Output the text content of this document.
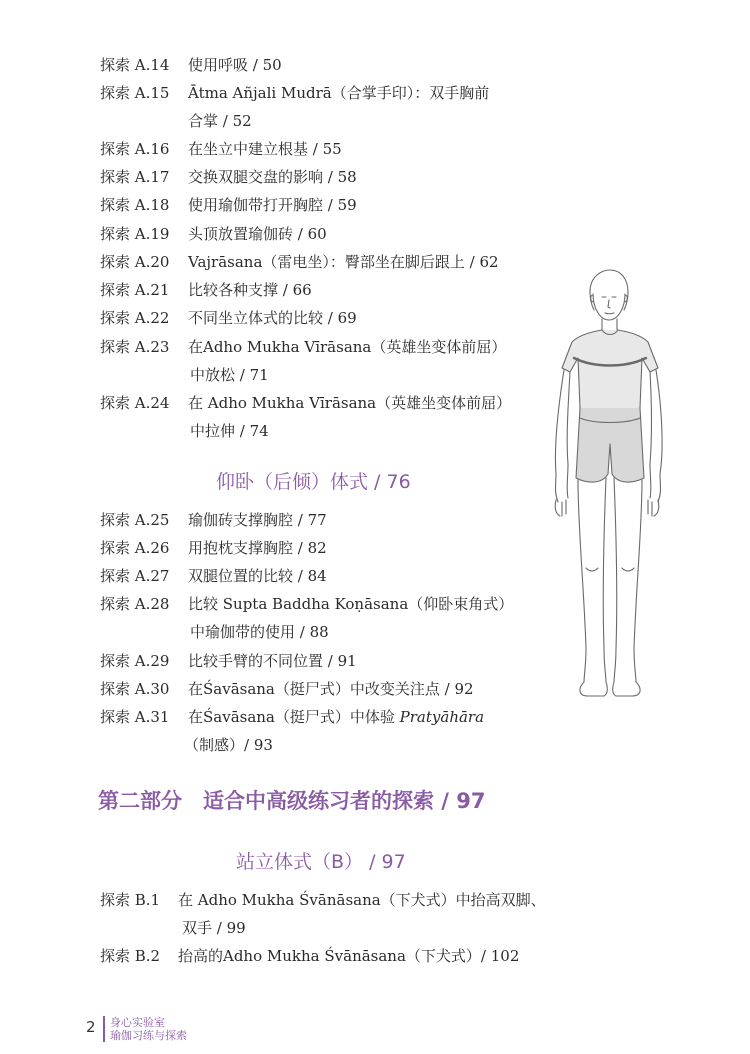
探索 A.14 使用呼吸 / 50
探索 A.15 Ātma Añjali Mudrā（合掌手印）：双手胸前
合掌 / 52
探索 A.16 在坐立中建立根基 / 55
探索 A.17 交换双腿交盘的影响 / 58
探索 A.18 使用瑜伽带打开胸腔 / 59
探索 A.19 头顶放置瑜伽砖 / 60
探索 A.20 Vajrāsana（雷电坐）：臀部坐在脚后跟上 / 62
探索 A.21 比较各种支撑 / 66
探索 A.22 不同坐立体式的比较 / 69
探索 A.23 在Adho Mukha Vīrāsana（英雄坐变体前屈）
中放松 / 71
探索 A.24 在 Adho Mukha Vīrāsana（英雄坐变体前屈）
中拉伸 / 74
仰卧（后倾）体式 / 76
探索 A.25 瑜伽砖支撑胸腔 / 77
探索 A.26 用抱枕支撑胸腔 / 82
探索 A.27 双腿位置的比较 / 84
探索 A.28 比较 Supta Baddha Koṇāsana（仰卧束角式）
中瑜伽带的使用 / 88
探索 A.29 比较手臂的不同位置 / 91
探索 A.30 在Śavāsana（挺尸式）中改变关注点 / 92
探索 A.31 在Śavāsana（挺尸式）中体验 Pratyāhāra
（制感）/ 93
第二部分　适合中高级练习者的探索 / 97
站立体式（B） / 97
探索 B.1 在 Adho Mukha Śvānāsana（下犬式）中抬高双脚、
双手 / 99
探索 B.2 抬高的Adho Mukha Śvānāsana（下犬式）/ 102
2 身心实验室
瑜伽习练与探索
